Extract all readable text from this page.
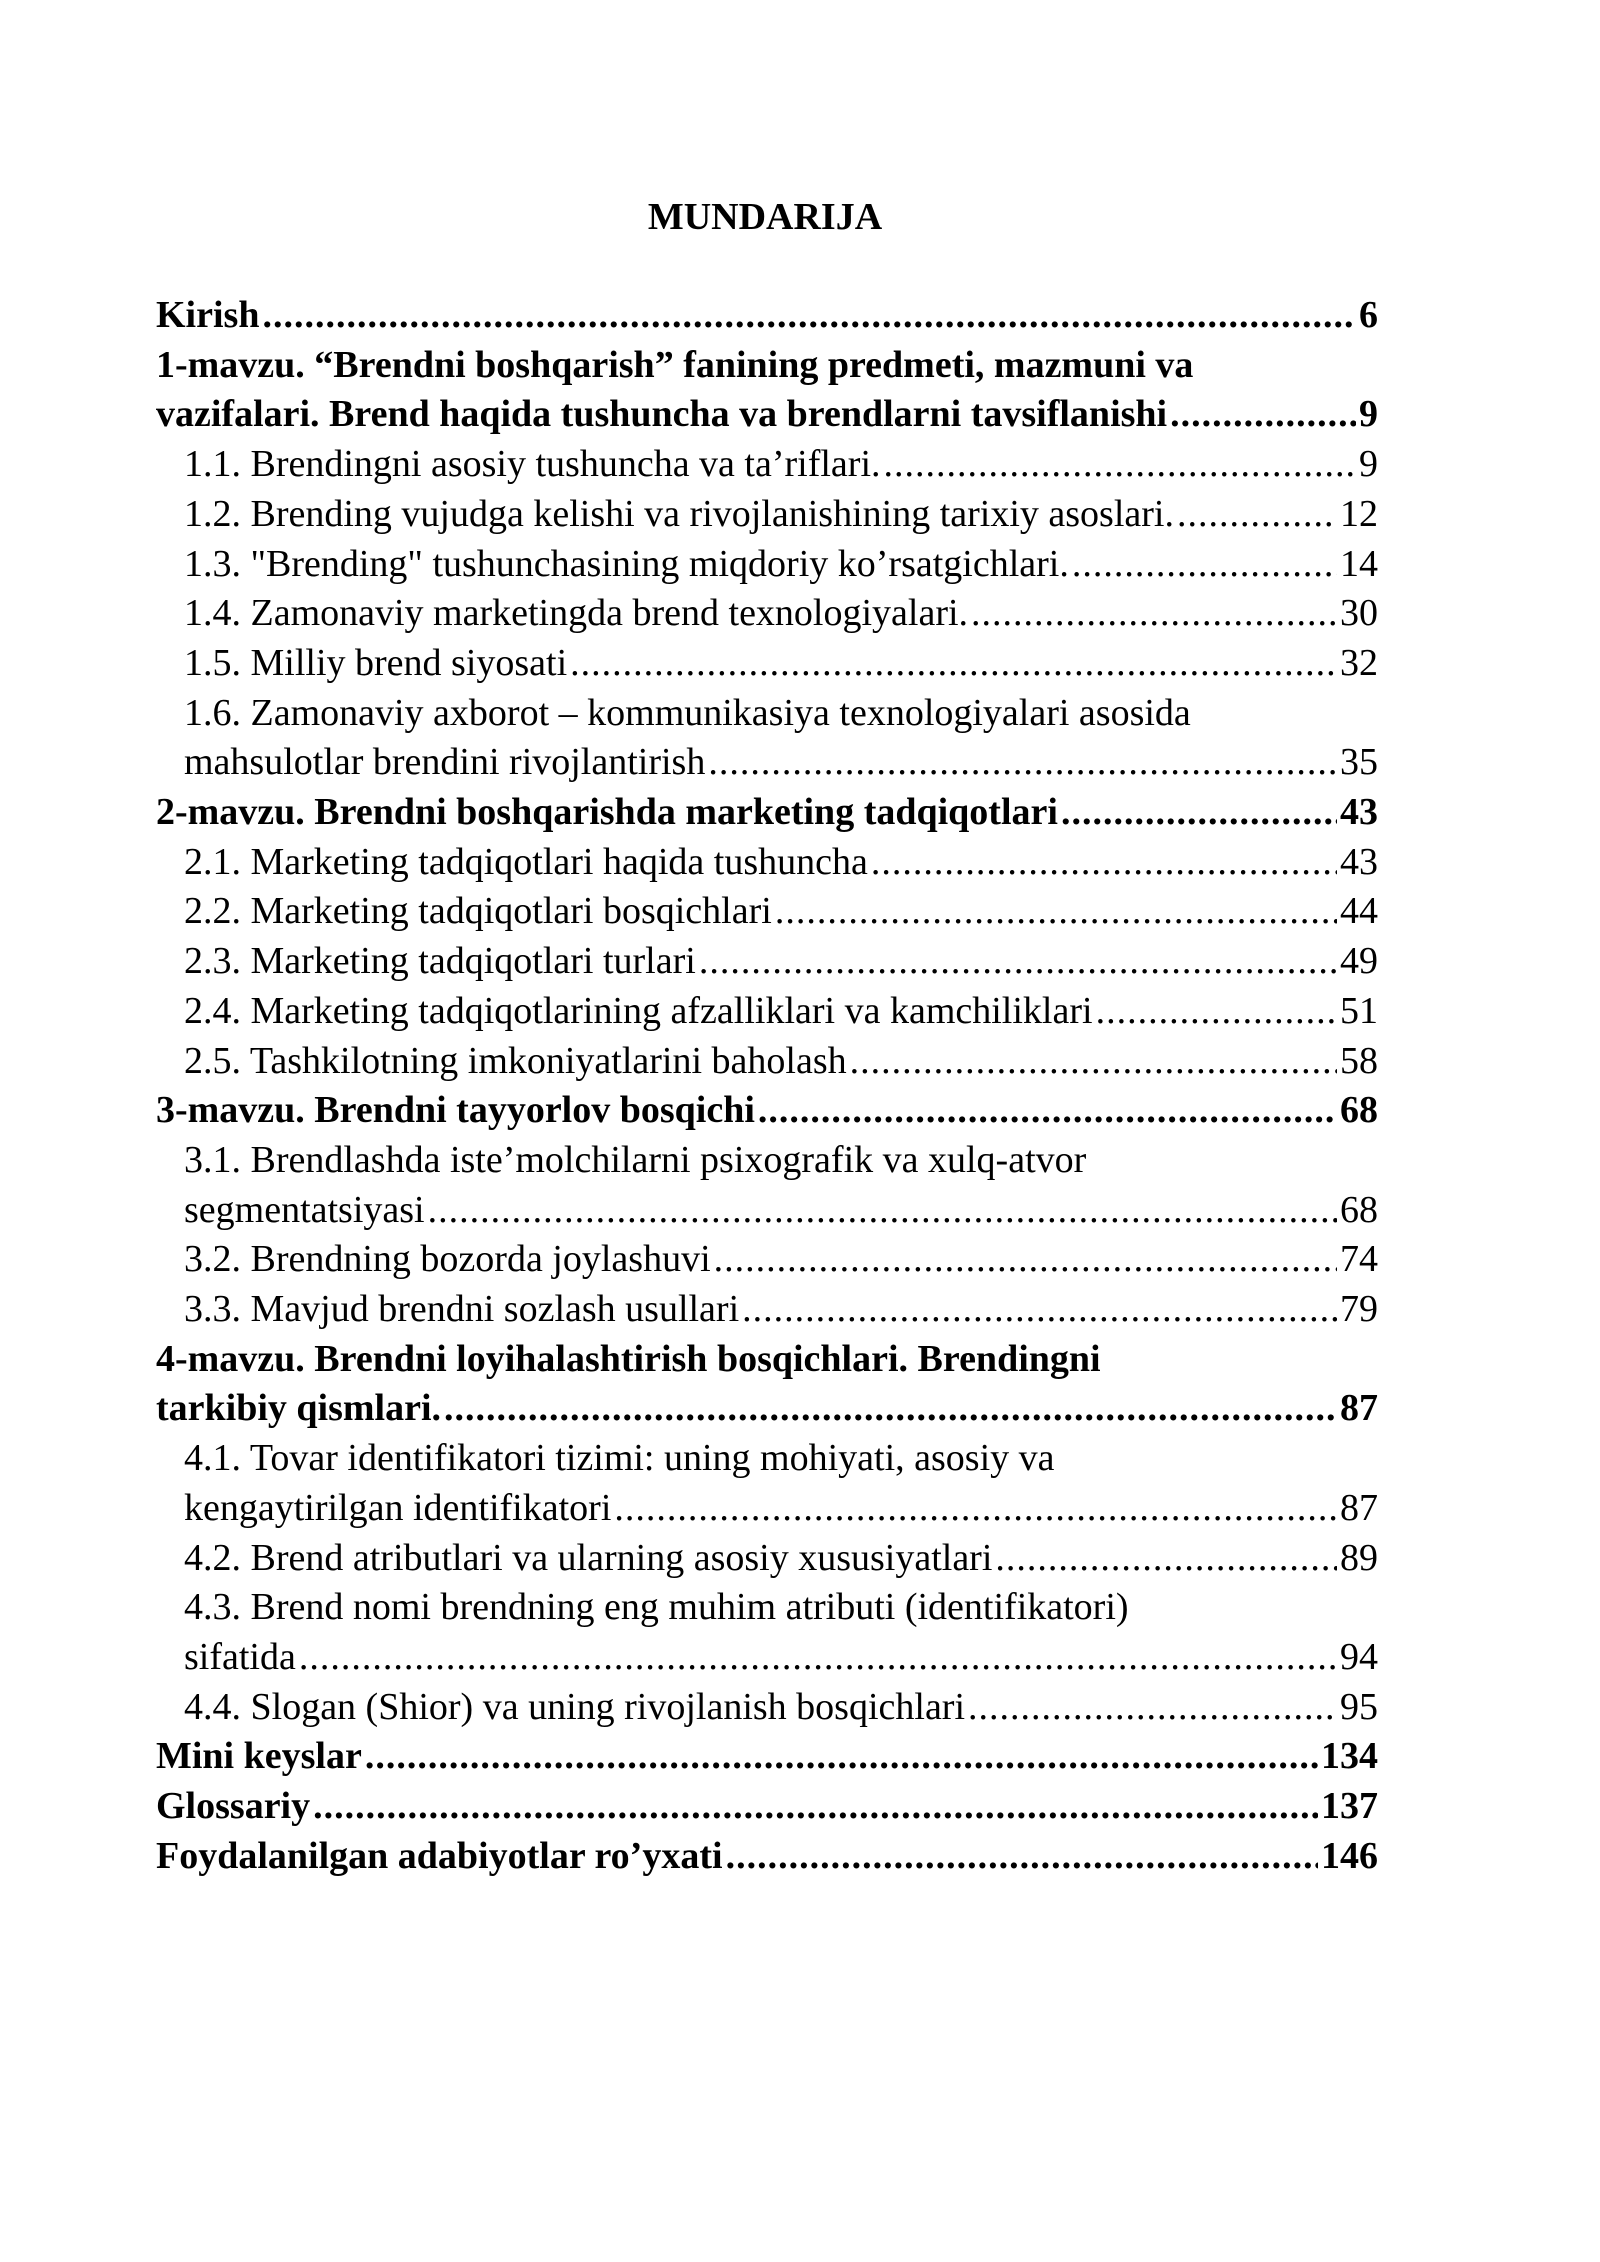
MUNDARIJA
Kirish .....	6
1-mavzu. “Brendni boshqarish” fanining predmeti, mazmuni va
vazifalari. Brend haqida tushuncha va brendlarni tavsiflanishi .....	9
1.1. Brendingni asosiy tushuncha va ta’riflari. .....	9
1.2. Brending vujudga kelishi va rivojlanishining tarixiy asoslari. .....	12
1.3. "Brending" tushunchasining miqdoriy ko’rsatgichlari. .....	14
1.4. Zamonaviy marketingda brend texnologiyalari. .....	30
1.5. Milliy brend siyosati .....	32
1.6. Zamonaviy axborot – kommunikasiya texnologiyalari asosida
mahsulotlar brendini rivojlantirish .....	35
2-mavzu. Brendni boshqarishda marketing tadqiqotlari .....	43
2.1. Marketing tadqiqotlari haqida tushuncha .....	43
2.2. Marketing tadqiqotlari bosqichlari .....	44
2.3. Marketing tadqiqotlari turlari .....	49
2.4. Marketing tadqiqotlarining afzalliklari va kamchiliklari .....	51
2.5. Tashkilotning imkoniyatlarini baholash .....	58
3-mavzu. Brendni tayyorlov bosqichi .....	68
3.1. Brendlashda iste’molchilarni psixografik va xulq-atvor
segmentatsiyasi .....	68
3.2. Brendning bozorda joylashuvi .....	74
3.3. Mavjud brendni sozlash usullari .....	79
4-mavzu. Brendni loyihalashtirish bosqichlari. Brendingni
tarkibiy qismlari. .....	87
4.1. Tovar identifikatori tizimi: uning mohiyati, asosiy va
kengaytirilgan identifikatori .....	87
4.2. Brend atributlari va ularning asosiy xususiyatlari .....	89
4.3. Brend nomi brendning eng muhim atributi (identifikatori)
sifatida .....	94
4.4. Slogan (Shior) va uning rivojlanish bosqichlari .....	95
Mini keyslar .....	134
Glossariy .....	137
Foydalanilgan adabiyotlar ro’yxati .....	146
